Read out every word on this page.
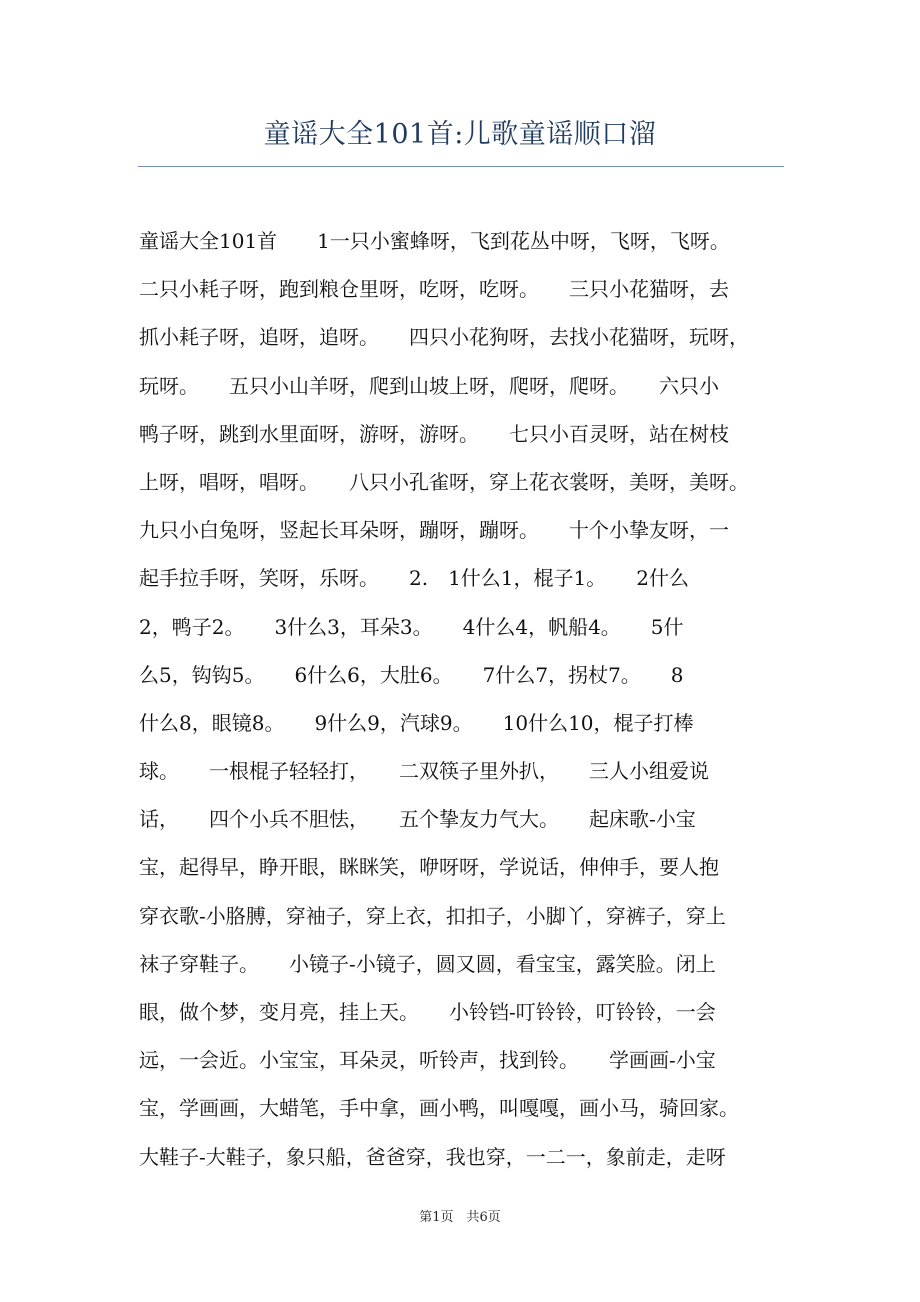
童谣大全101首:儿歌童谣顺口溜
童谣大全101首　　1一只小蜜蜂呀，飞到花丛中呀，飞呀，飞呀。
二只小耗子呀，跑到粮仓里呀，吃呀，吃呀。　　三只小花猫呀，去
抓小耗子呀，追呀，追呀。　　四只小花狗呀，去找小花猫呀，玩呀，
玩呀。　　五只小山羊呀，爬到山坡上呀，爬呀，爬呀。　　六只小
鸭子呀，跳到水里面呀，游呀，游呀。　　七只小百灵呀，站在树枝
上呀，唱呀，唱呀。　　八只小孔雀呀，穿上花衣裳呀，美呀，美呀。
九只小白兔呀，竖起长耳朵呀，蹦呀，蹦呀。　　十个小挚友呀，一
起手拉手呀，笑呀，乐呀。　　2.　1什么1，棍子1。　　2什么
2，鸭子2。　　3什么3，耳朵3。　　4什么4，帆船4。　　5什
么5，钩钩5。　　6什么6，大肚6。　　7什么7，拐杖7。　　8
什么8，眼镜8。　　9什么9，汽球9。　　10什么10，棍子打棒
球。　　一根棍子轻轻打，　　二双筷子里外扒，　　三人小组爱说
话，　　四个小兵不胆怯，　　五个挚友力气大。　　起床歌-小宝
宝，起得早，睁开眼，眯眯笑，咿呀呀，学说话，伸伸手，要人抱
穿衣歌-小胳膊，穿袖子，穿上衣，扣扣子，小脚丫，穿裤子，穿上
袜子穿鞋子。　　小镜子-小镜子，圆又圆，看宝宝，露笑脸。闭上
眼，做个梦，变月亮，挂上天。　　小铃铛-叮铃铃，叮铃铃，一会
远，一会近。小宝宝，耳朵灵，听铃声，找到铃。　　学画画-小宝
宝，学画画，大蜡笔，手中拿，画小鸭，叫嘎嘎，画小马，骑回家。
大鞋子-大鞋子，象只船，爸爸穿，我也穿，一二一，象前走，走呀
第1页　共6页
